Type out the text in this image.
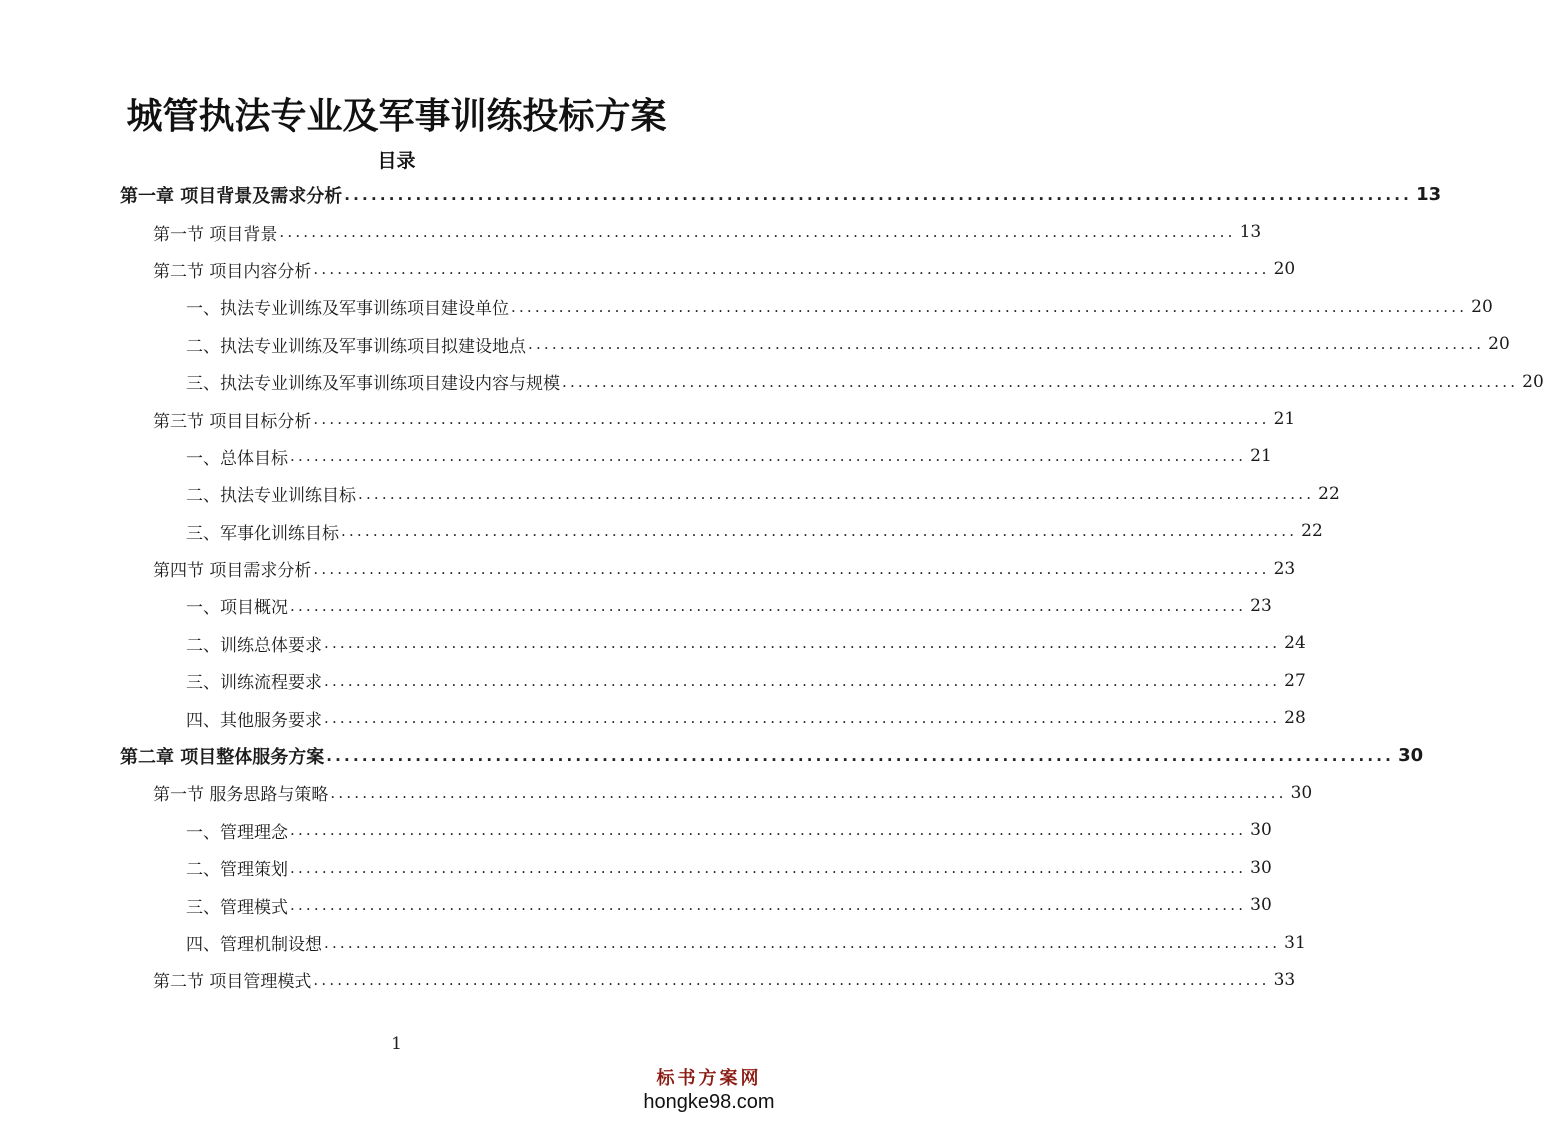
城管执法专业及军事训练投标方案
目录
第一章 项目背景及需求分析 ........................................................................................................................ 13
第一节 项目背景 ........................................................................................................................ 13
第二节 项目内容分析 ........................................................................................................................ 20
一、执法专业训练及军事训练项目建设单位 ........................................................................................................................ 20
二、执法专业训练及军事训练项目拟建设地点 ........................................................................................................................ 20
三、执法专业训练及军事训练项目建设内容与规模 ........................................................................................................................ 20
第三节 项目目标分析 ........................................................................................................................ 21
一、总体目标 ........................................................................................................................ 21
二、执法专业训练目标 ........................................................................................................................ 22
三、军事化训练目标 ........................................................................................................................ 22
第四节 项目需求分析 ........................................................................................................................ 23
一、项目概况 ........................................................................................................................ 23
二、训练总体要求 ........................................................................................................................ 24
三、训练流程要求 ........................................................................................................................ 27
四、其他服务要求 ........................................................................................................................ 28
第二章 项目整体服务方案 ........................................................................................................................ 30
第一节 服务思路与策略 ........................................................................................................................ 30
一、管理理念 ........................................................................................................................ 30
二、管理策划 ........................................................................................................................ 30
三、管理模式 ........................................................................................................................ 30
四、管理机制设想 ........................................................................................................................ 31
第二节 项目管理模式 ........................................................................................................................ 33
1
标书方案网
hongke98.com
